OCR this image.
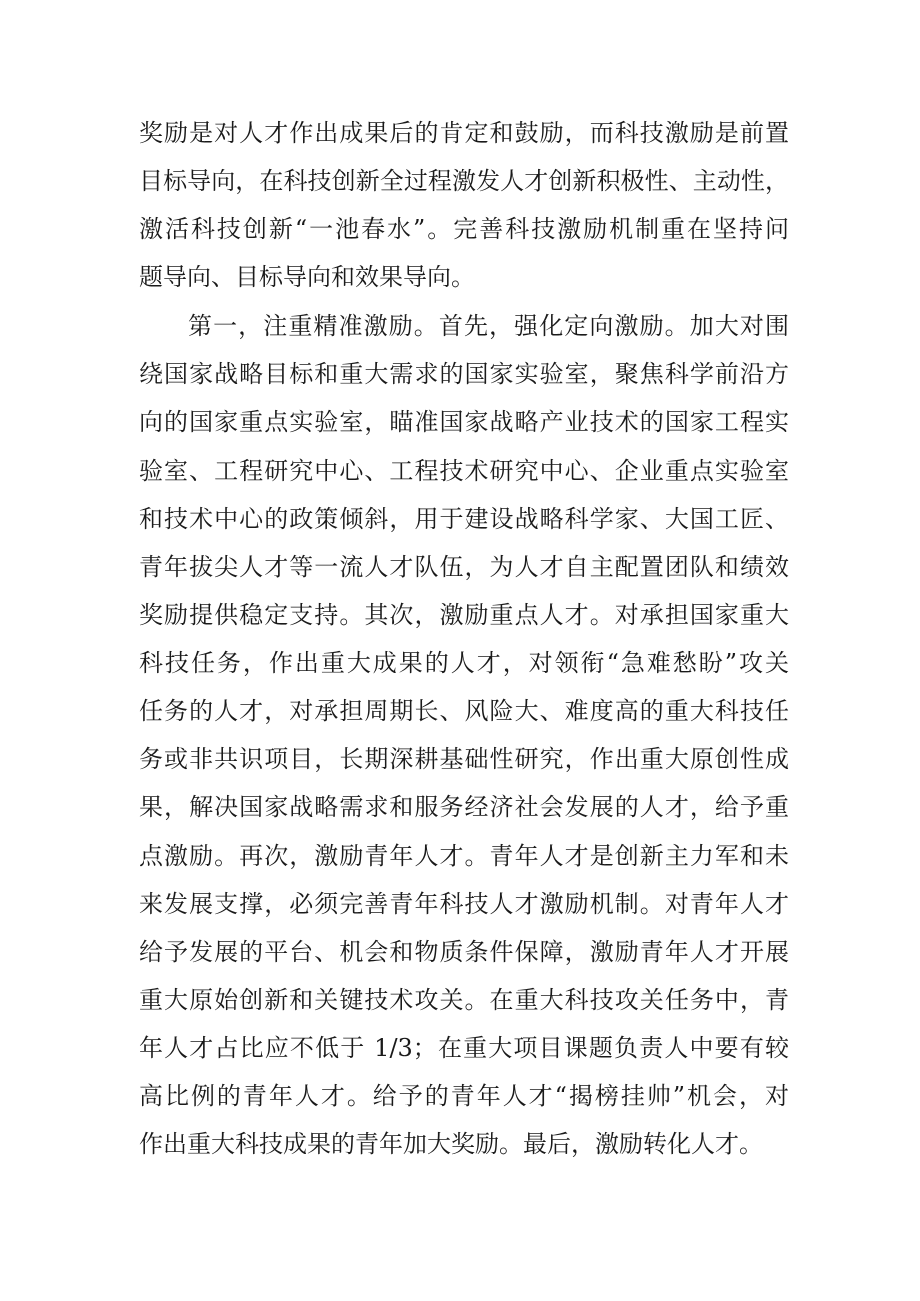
奖励是对人才作出成果后的肯定和鼓励，而科技激励是前置
目标导向，在科技创新全过程激发人才创新积极性、主动性，
激活科技创新“一池春水”。完善科技激励机制重在坚持问
题导向、目标导向和效果导向。
第一，注重精准激励。首先，强化定向激励。加大对围
绕国家战略目标和重大需求的国家实验室，聚焦科学前沿方
向的国家重点实验室，瞄准国家战略产业技术的国家工程实
验室、工程研究中心、工程技术研究中心、企业重点实验室
和技术中心的政策倾斜，用于建设战略科学家、大国工匠、
青年拔尖人才等一流人才队伍，为人才自主配置团队和绩效
奖励提供稳定支持。其次，激励重点人才。对承担国家重大
科技任务，作出重大成果的人才，对领衔“急难愁盼”攻关
任务的人才，对承担周期长、风险大、难度高的重大科技任
务或非共识项目，长期深耕基础性研究，作出重大原创性成
果，解决国家战略需求和服务经济社会发展的人才，给予重
点激励。再次，激励青年人才。青年人才是创新主力军和未
来发展支撑，必须完善青年科技人才激励机制。对青年人才
给予发展的平台、机会和物质条件保障，激励青年人才开展
重大原始创新和关键技术攻关。在重大科技攻关任务中，青
年人才占比应不低于 1/3；在重大项目课题负责人中要有较
高比例的青年人才。给予的青年人才“揭榜挂帅”机会，对
作出重大科技成果的青年加大奖励。最后，激励转化人才。
